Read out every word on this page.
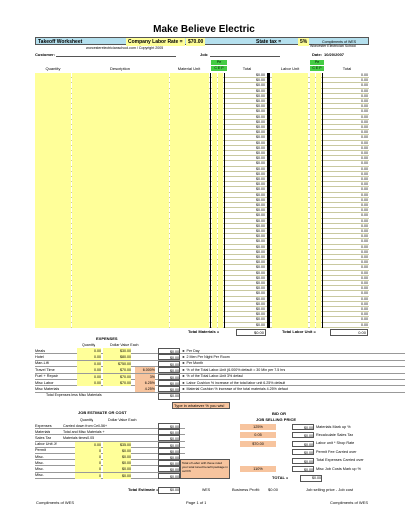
Make Believe Electric
Takeoff Worksheet	Company Labor Rate =	$70.00	State tax =	5%
worcesterelectricianschool.com / Copyright 2005
Compliments of WES
Worcester Electrician School
Customer:	Job:	Date: 10/20/2007
Quantity	Description	Material Unit
Pe
C E P	Total	Labor Unit
Pe
C E P	Total
$0.00	0.00
$0.00	0.00
$0.00	0.00
$0.00	0.00
$0.00	0.00
$0.00	0.00
$0.00	0.00
$0.00	0.00
$0.00	0.00
$0.00	0.00
$0.00	0.00
$0.00	0.00
$0.00	0.00
$0.00	0.00
$0.00	0.00
$0.00	0.00
$0.00	0.00
$0.00	0.00
$0.00	0.00
$0.00	0.00
$0.00	0.00
$0.00	0.00
$0.00	0.00
$0.00	0.00
$0.00	0.00
$0.00	0.00
$0.00	0.00
$0.00	0.00
$0.00	0.00
$0.00	0.00
$0.00	0.00
$0.00	0.00
$0.00	0.00
$0.00	0.00
$0.00	0.00
$0.00	0.00
$0.00	0.00
$0.00	0.00
$0.00	0.00
$0.00	0.00
$0.00	0.00
$0.00	0.00
$0.00	0.00
$0.00	0.00
$0.00	0.00
$0.00	0.00
$0.00	0.00
$0.00	0.00
$0.00	0.00
Total Materials =	$0.00	Total Labor Unit =	0.00
EXPENSES
Quantity	Dollar Value Each
Meals	0.00	$30.00	$0.00 ► Per Day
Hotel	0.00	$80.00	$0.00 ► 2 Men Per Night Per Room
Man-Lift	0.00	$750.00	$0.00 ► Per Month
Travel Time	0.00	$70.00	6.000%	$0.00 ► % of the Total Labor-Unit (6.000% default = 30 Min per 7.5 hrs
Fuel + Repair	0.00	$70.00	3%	$0.00 ► % of the Total Labor-Unit 3% defaul
Misc Labor	0.00	$70.00	6.25%	$0.00 ► Labor Cushion % increase of the total labor unit 6.25% default
Misc Materials	4.25%	$0.00 ► Material Cushion % increase of the total materials 4.25% defaut
Total Expenses less Misc Materials	$0.00
Type in whatever % you wis!
JOB ESTIMATE OR COST
Quantity	Dollar Value Each
Expenses	Carried down from Cell-56+	$0.00
Materials	Total and Misc Materials +	$0.00
Sales Tax	Materials times0.05	$0.00
Labor Unit Jf	0.00	$35.00	$0.00
Permit	0	$0.00	$0.00
Misc.	0	$0.00	$0.00
Misc.	0	$0.00	$0.00
Misc.	0	$0.00	$0.00
Misc.	0	$0.00	$0.00
Total Estimate =	$0.00
Total of Labor with these ruled your total tuned benefit package in cell F6
WES
BID OR
JOB SELLING PRICE
125%	$0.00 Materials Mark up %
0.05	$0.00 Recalculate Sales Tax
$70.00	$0.00 Labor unit * Shop Rate
$0.00 Permit Fee Carried over
$0.00 Total Expenses Carried over
110%	$0.00 Misc Job Costs Mark up %
TOTAL =	$0.00
Business Profit: $0.00	Job selling price - Job cost
Compliments of WES	Page 1 of 1	Compliments of WES
